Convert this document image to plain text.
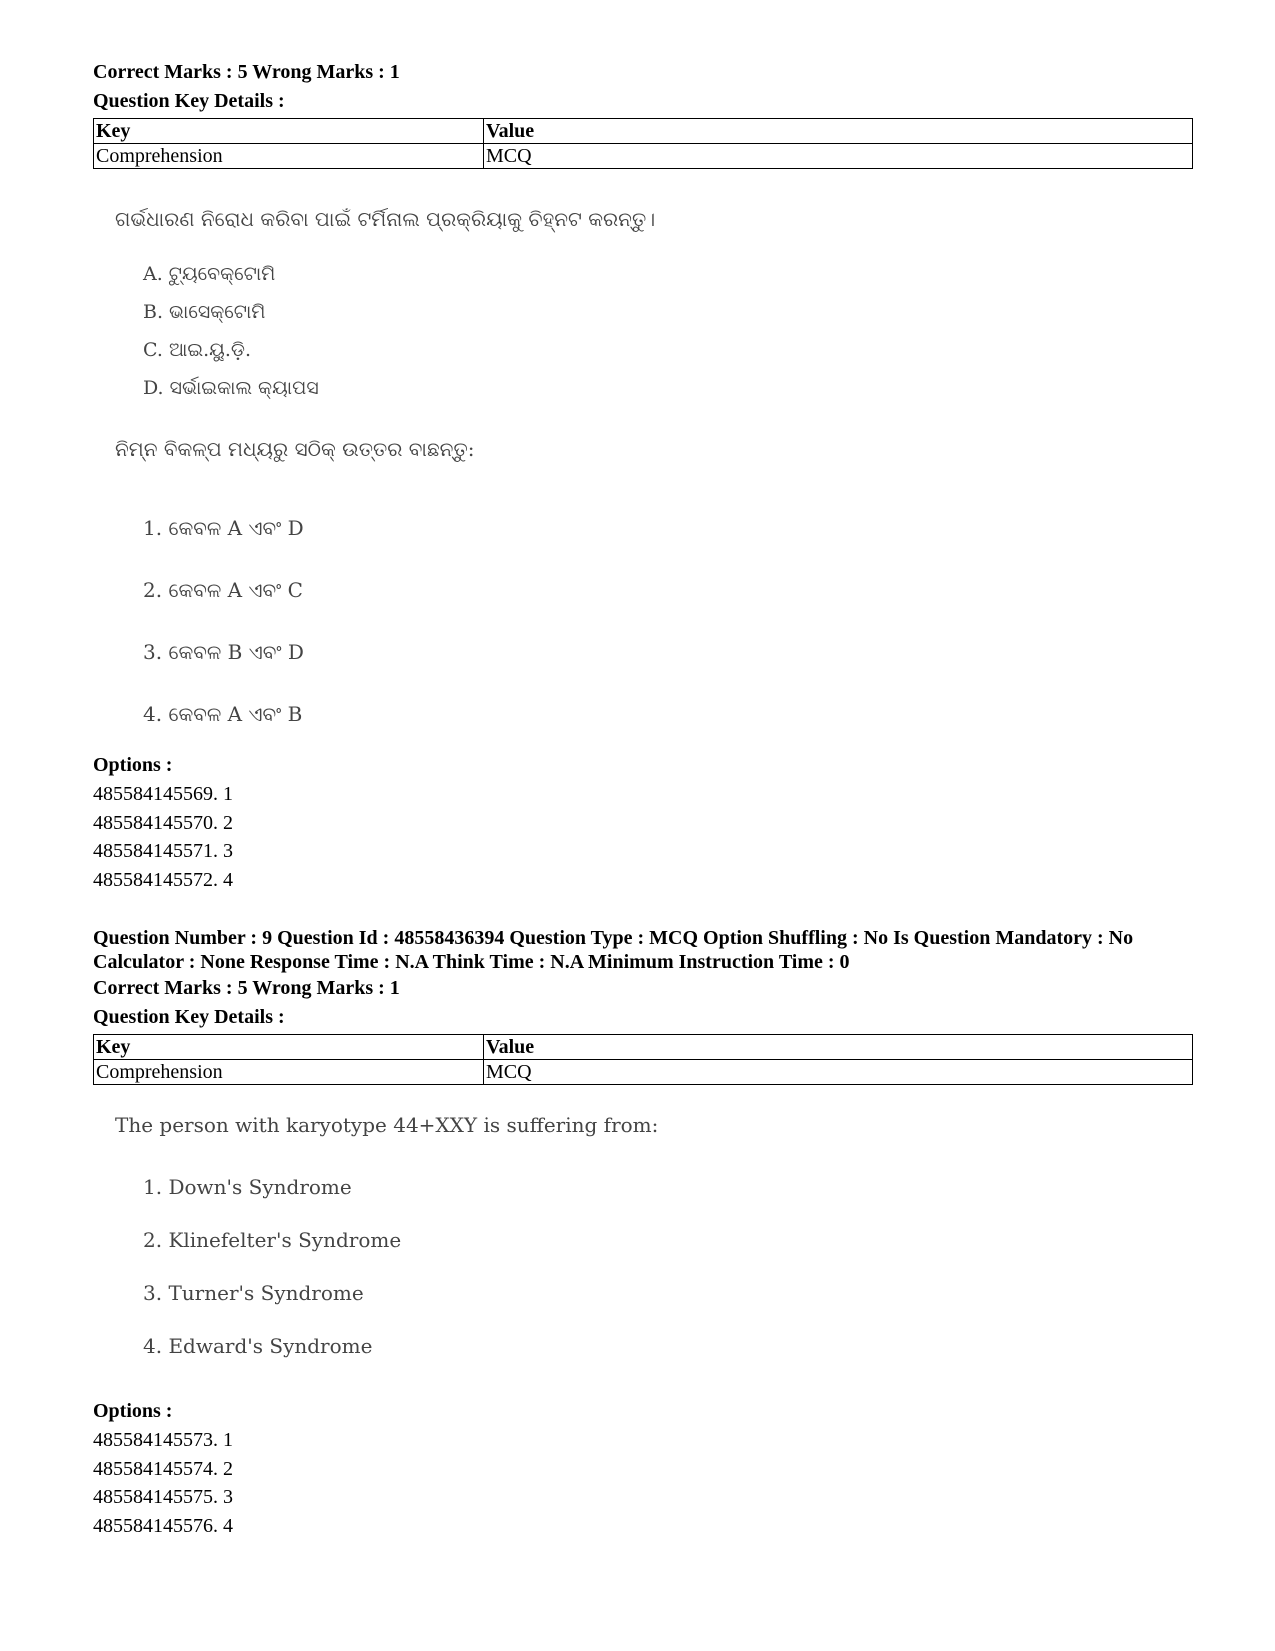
Correct Marks : 5 Wrong Marks : 1
Question Key Details :
Key	Value
Comprehension	MCQ
ଗର୍ଭଧାରଣ ନିରୋଧ କରିବା ପାଇଁ ଟର୍ମିନାଲ ପ୍ରକ୍ରିୟାକୁ ଚିହ୍ନଟ କରନ୍ତୁ।
A. ଟ୍ୟୁବେକ୍ଟୋମି
B. ଭାସେକ୍ଟୋମି
C. ଆଇ.ୟୁ.ଡ଼ି.
D. ସର୍ଭାଇକାଲ କ୍ୟାପସ
ନିମ୍ନ ବିକଳ୍ପ ମଧ୍ୟରୁ ସଠିକ୍ ଉତ୍ତର ବାଛନ୍ତୁ:
1. କେବଳ A ଏବଂ D
2. କେବଳ A ଏବଂ C
3. କେବଳ B ଏବଂ D
4. କେବଳ A ଏବଂ B
Options :
485584145569. 1
485584145570. 2
485584145571. 3
485584145572. 4
Question Number : 9 Question Id : 48558436394 Question Type : MCQ Option Shuffling : No Is Question Mandatory : No
Calculator : None Response Time : N.A Think Time : N.A Minimum Instruction Time : 0
Correct Marks : 5 Wrong Marks : 1
Question Key Details :
Key	Value
Comprehension	MCQ
The person with karyotype 44+XXY is suffering from:
1. Down's Syndrome
2. Klinefelter's Syndrome
3. Turner's Syndrome
4. Edward's Syndrome
Options :
485584145573. 1
485584145574. 2
485584145575. 3
485584145576. 4
